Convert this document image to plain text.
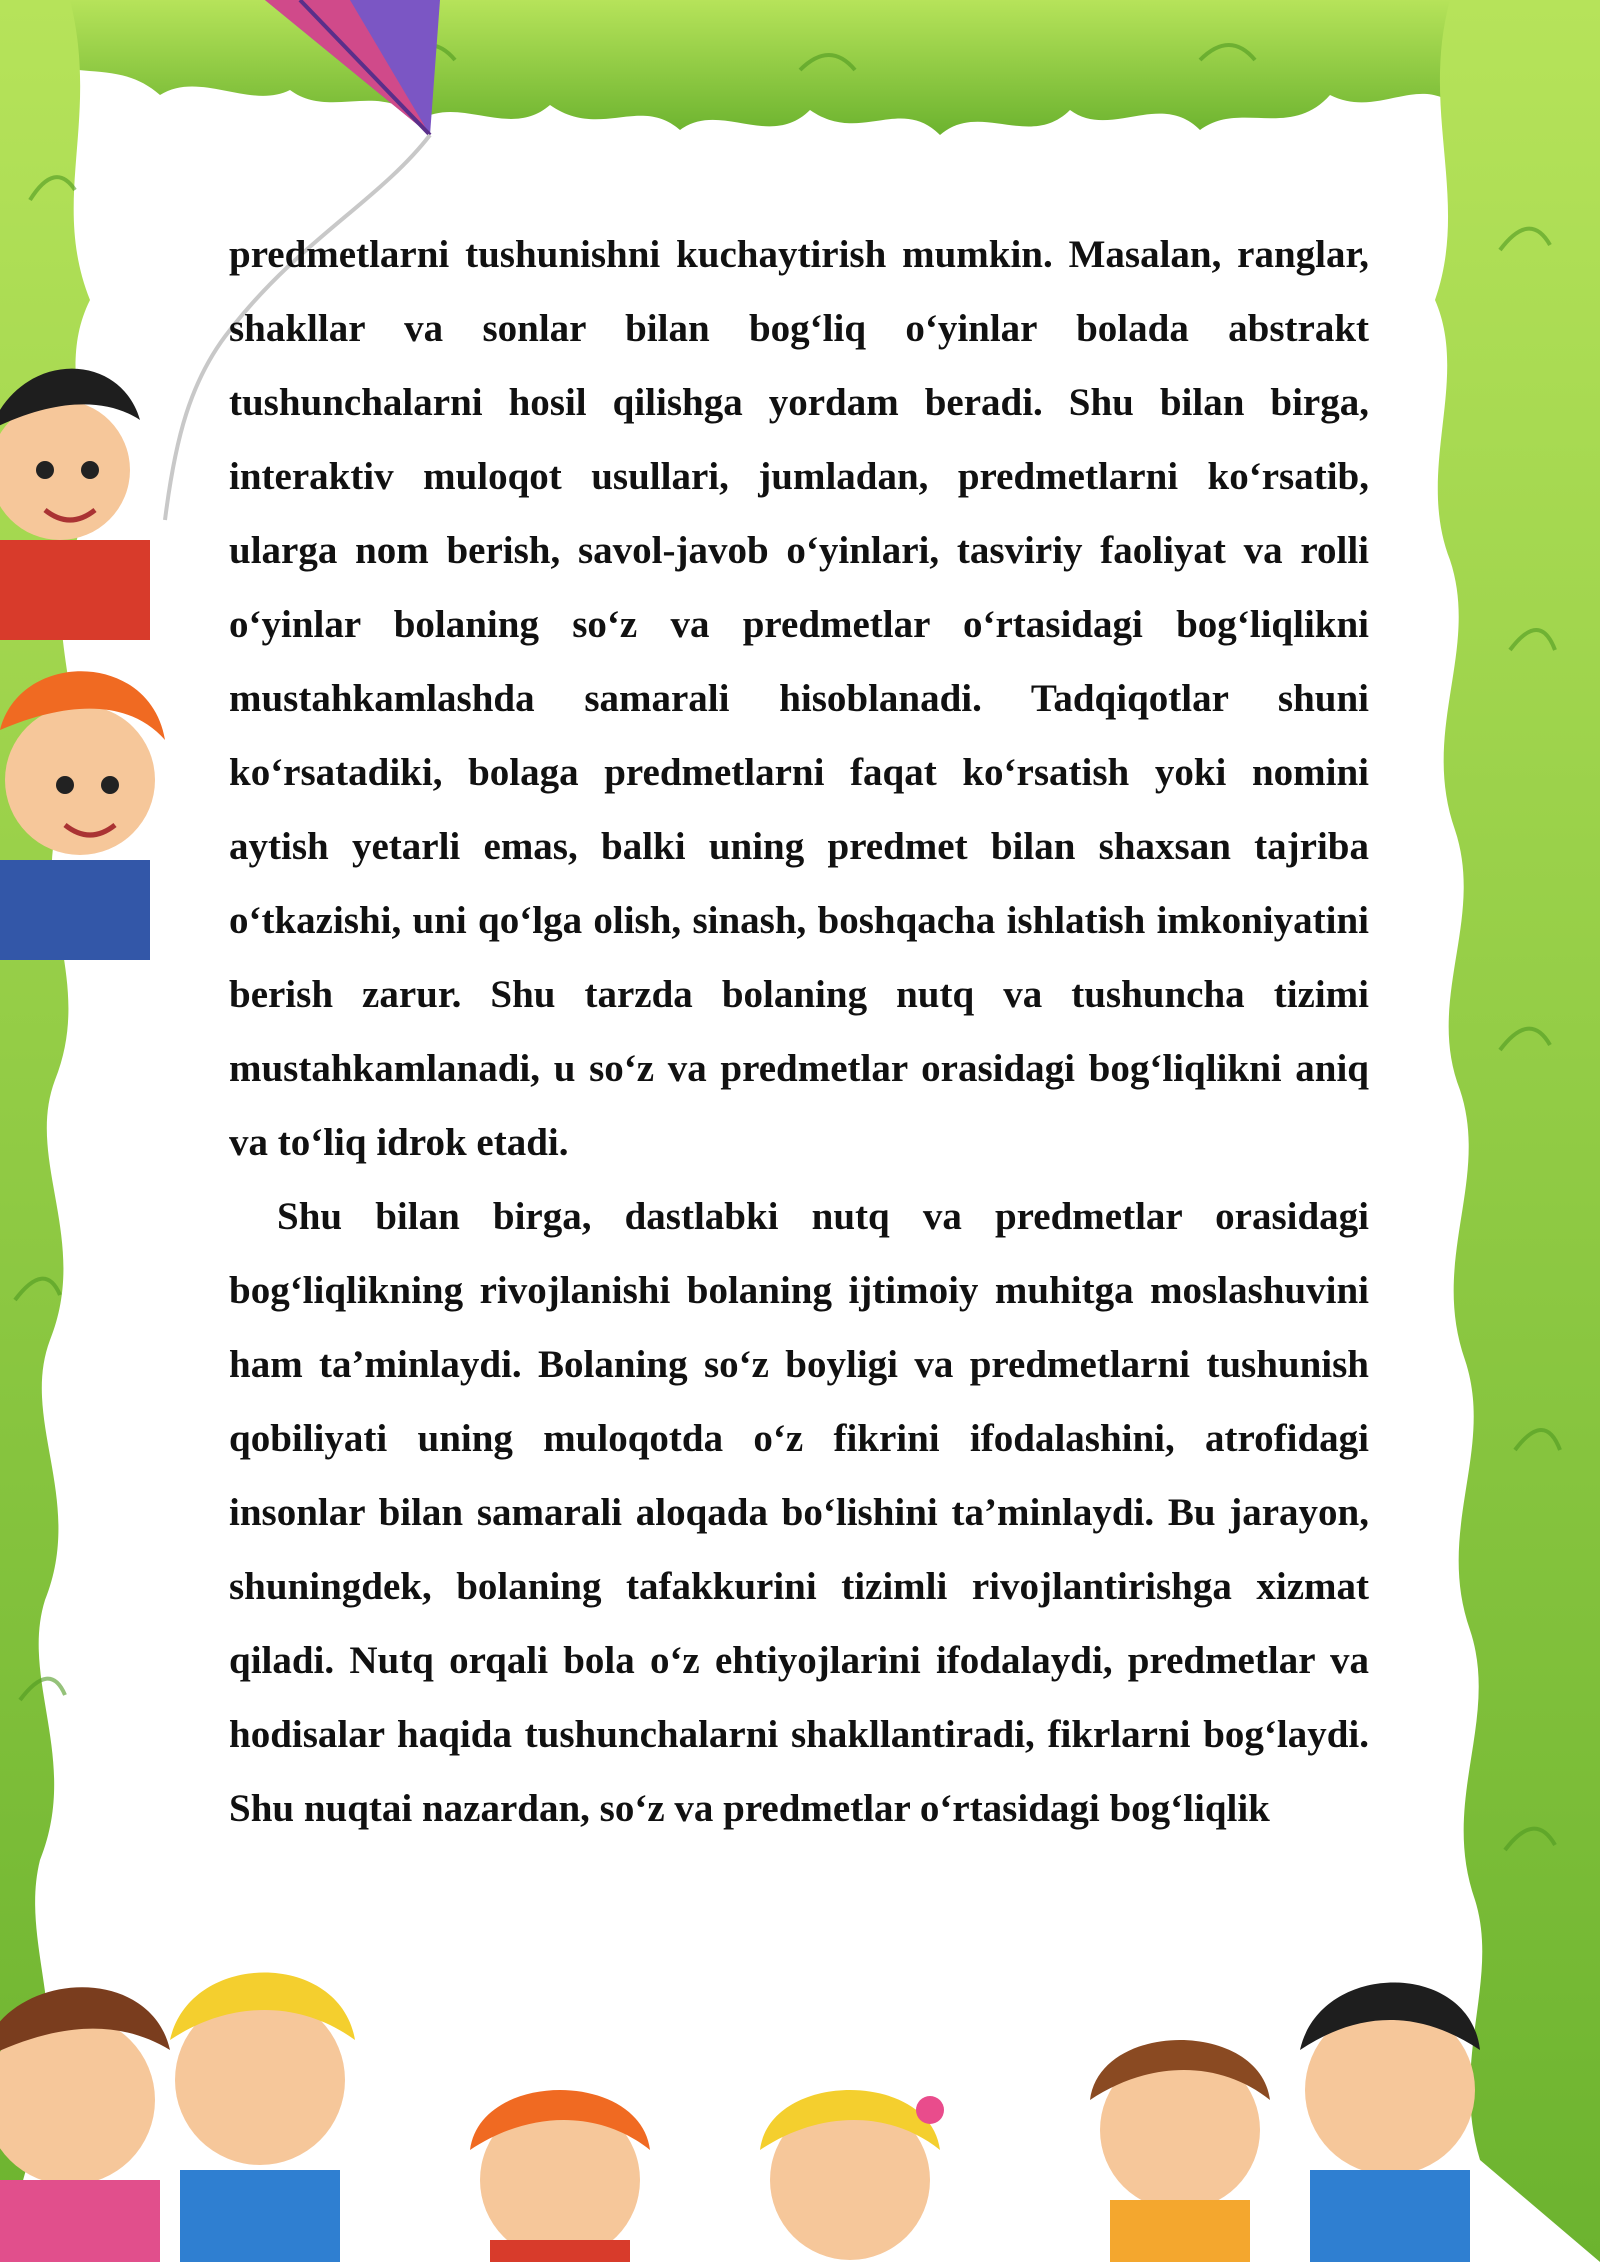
predmetlarni tushunishni kuchaytirish mumkin. Masalan, ranglar, shakllar va sonlar bilan bog‘liq o‘yinlar bolada abstrakt tushunchalarni hosil qilishga yordam beradi. Shu bilan birga, interaktiv muloqot usullari, jumladan, predmetlarni ko‘rsatib, ularga nom berish, savol-javob o‘yinlari, tasviriy faoliyat va rolli o‘yinlar bolaning so‘z va predmetlar o‘rtasidagi bog‘liqlikni mustahkamlashda samarali hisoblanadi. Tadqiqotlar shuni ko‘rsatadiki, bolaga predmetlarni faqat ko‘rsatish yoki nomini aytish yetarli emas, balki uning predmet bilan shaxsan tajriba o‘tkazishi, uni qo‘lga olish, sinash, boshqacha ishlatish imkoniyatini berish zarur. Shu tarzda bolaning nutq va tushuncha tizimi mustahkamlanadi, u so‘z va predmetlar orasidagi bog‘liqlikni aniq va to‘liq idrok etadi.

Shu bilan birga, dastlabki nutq va predmetlar orasidagi bog‘liqlikning rivojlanishi bolaning ijtimoiy muhitga moslashuvini ham ta’minlaydi. Bolaning so‘z boyligi va predmetlarni tushunish qobiliyati uning muloqotda o‘z fikrini ifodalashini, atrofidagi insonlar bilan samarali aloqada bo‘lishini ta’minlaydi. Bu jarayon, shuningdek, bolaning tafakkurini tizimli rivojlantirishga xizmat qiladi. Nutq orqali bola o‘z ehtiyojlarini ifodalaydi, predmetlar va hodisalar haqida tushunchalarni shakllantiradi, fikrlarni bog‘laydi. Shu nuqtai nazardan, so‘z va predmetlar o‘rtasidagi bog‘liqlik
